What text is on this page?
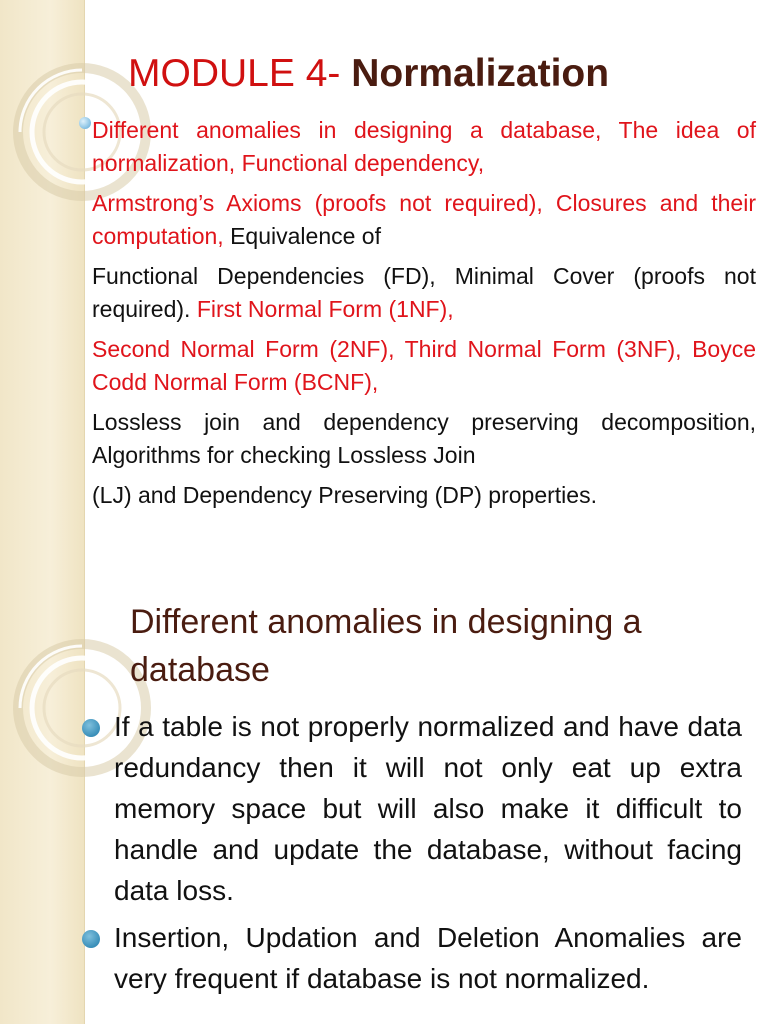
MODULE 4- Normalization

Different anomalies in designing a database, The idea of normalization, Functional dependency,

Armstrong’s Axioms (proofs not required), Closures and their computation, Equivalence of

Functional Dependencies (FD), Minimal Cover (proofs not required). First Normal Form (1NF),

Second Normal Form (2NF), Third Normal Form (3NF), Boyce Codd Normal Form (BCNF),

Lossless join and dependency preserving decomposition, Algorithms for checking Lossless Join

(LJ) and Dependency Preserving (DP) properties.

Different anomalies in designing a database
If a table is not properly normalized and have data redundancy then it will not only eat up extra memory space but will also make it difficult to handle and update the database, without facing data loss.
Insertion, Updation and Deletion Anomalies are very frequent if database is not normalized.
